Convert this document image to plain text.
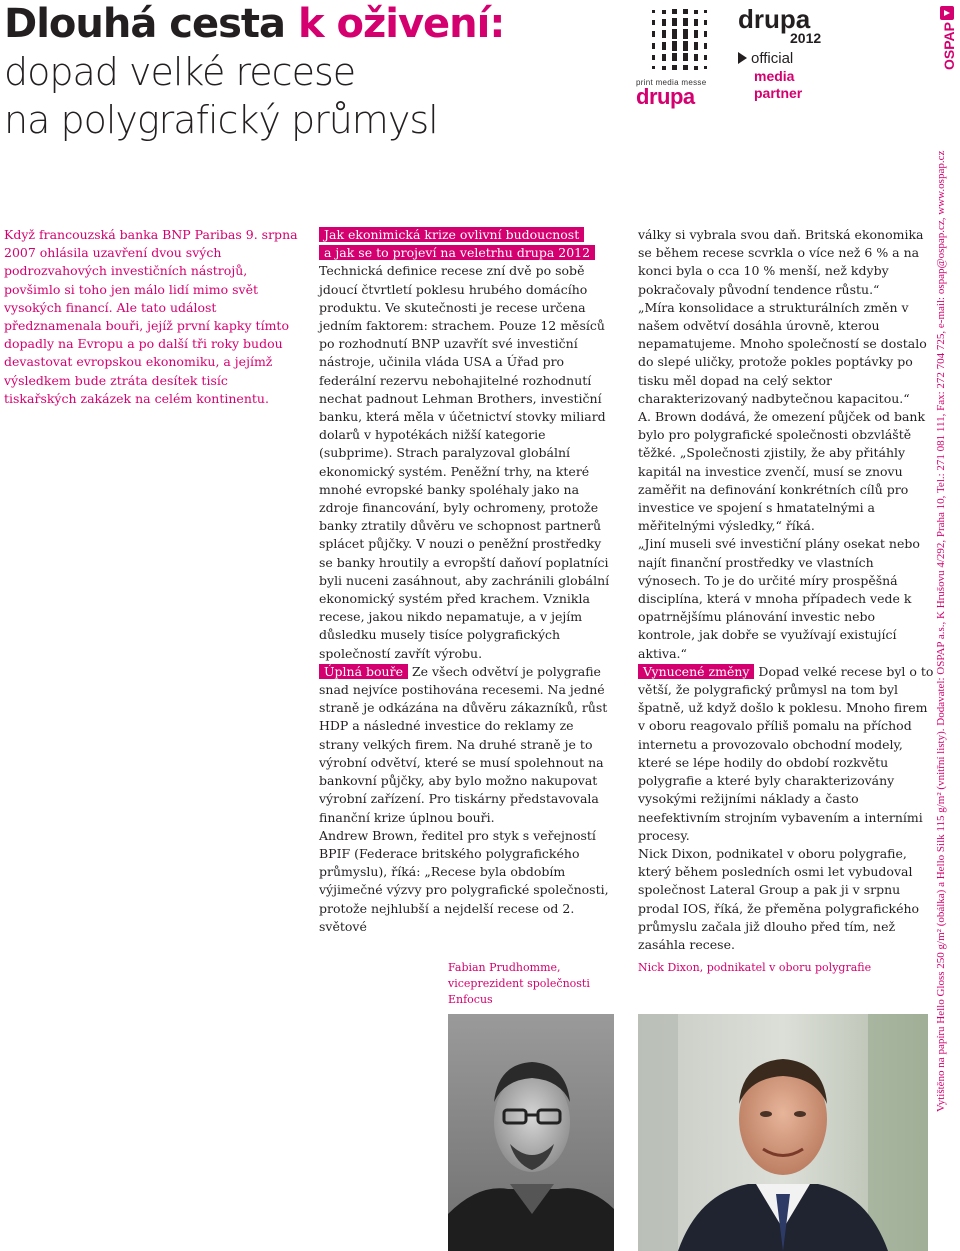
Dlouhá cesta k oživení:
dopad velké recese
na polygrafický průmysl
print media messe
drupa
drupa
2012
official
media
partner
OSPAP
Vytištěno na papíru Hello Gloss 250 g/m² (obálka) a Hello Silk 115 g/m² (vnitřní listy). Dodavatel: OSPAP a.s., K Hrušovu 4/292, Praha 10, Tel.: 271 081 111, Fax: 272 704 725, e-mail: ospap@ospap.cz, www.ospap.cz
Když francouzská banka BNP Paribas 9. srpna 2007 ohlásila uzavření dvou svých podrozvahových investičních nástrojů, povšimlo si toho jen málo lidí mimo svět vysokých financí. Ale tato událost předznamenala bouři, jejíž první kapky tímto dopadly na Evropu a po další tři roky budou devastovat evropskou ekonomiku, a jejímž výsledkem bude ztráta desítek tisíc tiskařských zakázek na celém kontinentu.

Jak ekonimická krize ovlivní budoucnost
a jak se to projeví na veletrhu drupa 2012

Technická definice recese zní dvě po sobě jdoucí čtvrtletí poklesu hrubého domácího produktu. Ve skutečnosti je recese určena jedním faktorem: strachem. Pouze 12 měsíců po rozhodnutí BNP uzavřít své investiční nástroje, učinila vláda USA a Úřad pro federální rezervu nebohajitelné rozhodnutí nechat padnout Lehman Brothers, investiční banku, která měla v účetnictví stovky miliard dolarů v hypotékách nižší kategorie (subprime). Strach paralyzoval globální ekonomický systém. Peněžní trhy, na které mnohé evropské banky spoléhaly jako na zdroje financování, byly ochromeny, protože banky ztratily důvěru ve schopnost partnerů splácet půjčky. V nouzi o peněžní prostředky se banky hroutily a evropští daňoví poplatníci byli nuceni zasáhnout, aby zachránili globální ekonomický systém před krachem. Vznikla recese, jakou nikdo nepamatuje, a v jejím důsledku musely tisíce polygrafických společností zavřít výrobu.

Úplná bouře Ze všech odvětví je polygrafie snad nejvíce postihována recesemi. Na jedné straně je odkázána na důvěru zákazníků, růst HDP a následné investice do reklamy ze strany velkých firem. Na druhé straně je to výrobní odvětví, které se musí spolehnout na bankovní půjčky, aby bylo možno nakupovat výrobní zařízení. Pro tiskárny představovala finanční krize úplnou bouři.

Andrew Brown, ředitel pro styk s veřejností BPIF (Federace britského polygrafického průmyslu), říká: „Recese byla obdobím výjimečné výzvy pro polygrafické společnosti, protože nejhlubší a nejdelší recese od 2. světové

války si vybrala svou daň. Britská ekonomika se během recese scvrkla o více než 6 % a na konci byla o cca 10 % menší, než kdyby pokračovaly původní tendence růstu.“

„Míra konsolidace a strukturálních změn v našem odvětví dosáhla úrovně, kterou nepamatujeme. Mnoho společností se dostalo do slepé uličky, protože pokles poptávky po tisku měl dopad na celý sektor charakterizovaný nadbytečnou kapacitou.“

A. Brown dodává, že omezení půjček od bank bylo pro polygrafické společnosti obzvláště těžké. „Společnosti zjistily, že aby přitáhly kapitál na investice zvenčí, musí se znovu zaměřit na definování konkrétních cílů pro investice ve spojení s hmatatelnými a měřitelnými výsledky,“ říká.

„Jiní museli své investiční plány osekat nebo najít finanční prostředky ve vlastních výnosech. To je do určité míry prospěšná disciplína, která v mnoha případech vede k opatrnějšímu plánování investic nebo kontrole, jak dobře se využívají existující aktiva.“

Vynucené změny Dopad velké recese byl o to větší, že polygrafický průmysl na tom byl špatně, už když došlo k poklesu. Mnoho firem v oboru reagovalo příliš pomalu na příchod internetu a provozovalo obchodní modely, které se lépe hodily do období rozkvětu polygrafie a které byly charakterizovány vysokými režijními náklady a často neefektivním strojním vybavením a interními procesy.

Nick Dixon, podnikatel v oboru polygrafie, který během posledních osmi let vybudoval společnost Lateral Group a pak ji v srpnu prodal IOS, říká, že přeměna polygrafického průmyslu začala již dlouho před tím, než zasáhla recese.

Fabian Prudhomme, viceprezident společnosti Enfocus
Nick Dixon, podnikatel v oboru polygrafie
